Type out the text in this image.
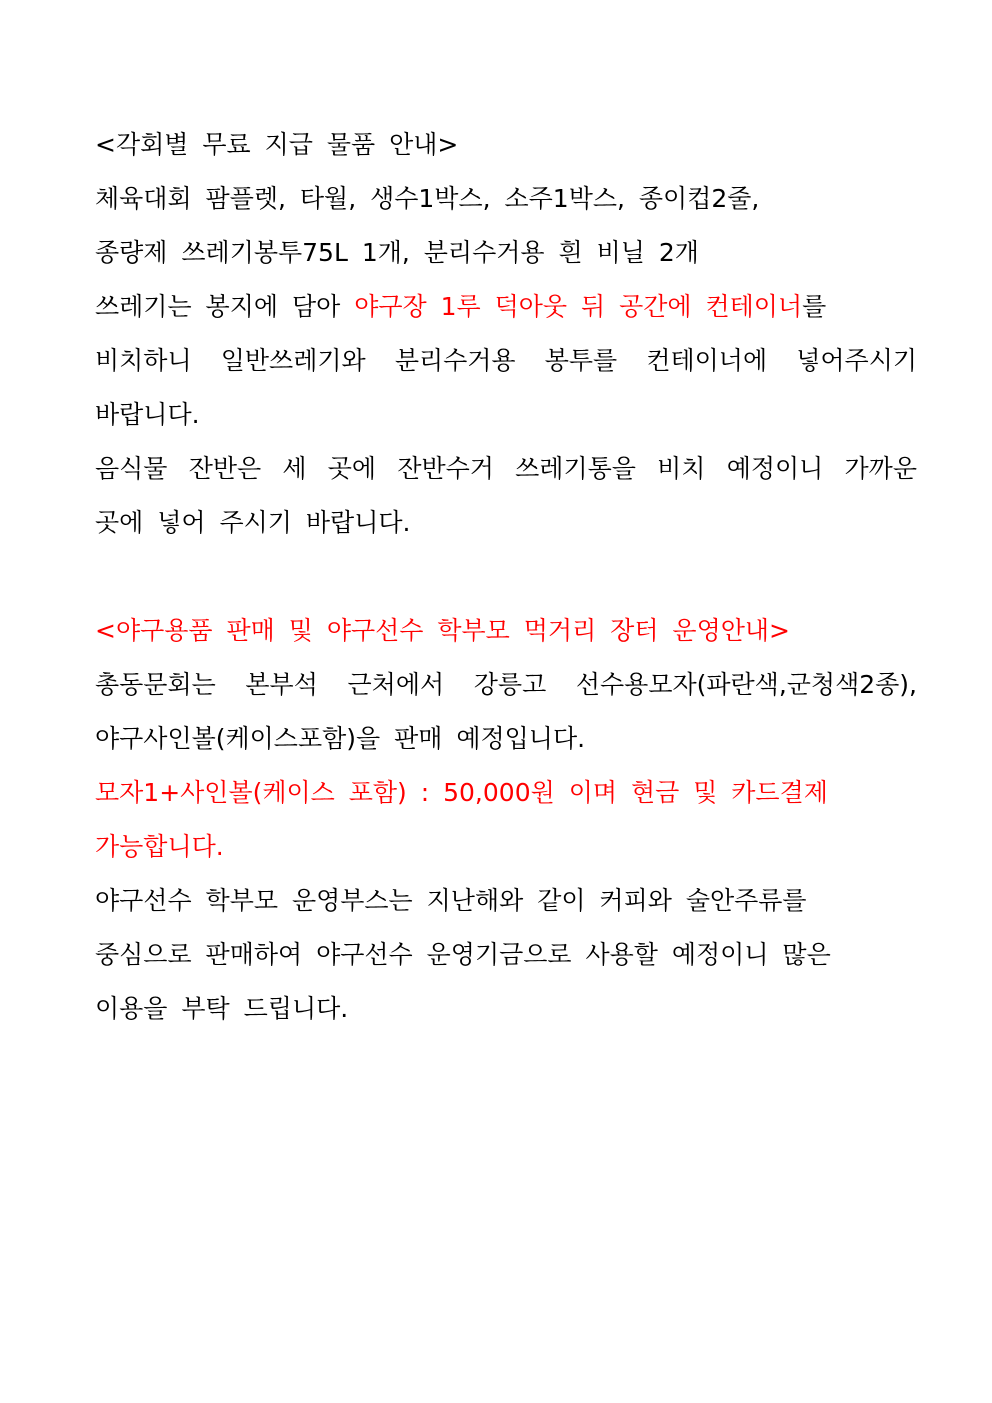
<각회별 무료 지급 물품 안내>
체육대회 팜플렛, 타월, 생수1박스, 소주1박스, 종이컵2줄,
종량제 쓰레기봉투75L 1개, 분리수거용 흰 비닐 2개
쓰레기는 봉지에 담아 야구장 1루 덕아웃 뒤 공간에 컨테이너를
비치하니 일반쓰레기와 분리수거용 봉투를 컨테이너에 넣어주시기
바랍니다.
음식물 잔반은 세 곳에 잔반수거 쓰레기통을 비치 예정이니 가까운
곳에 넣어 주시기 바랍니다.
<야구용품 판매 및 야구선수 학부모 먹거리 장터 운영안내>
총동문회는 본부석 근처에서 강릉고 선수용모자(파란색,군청색2종),
야구사인볼(케이스포함)을 판매 예정입니다.
모자1+사인볼(케이스 포함) : 50,000원 이며 현금 및 카드결제
가능합니다.
야구선수 학부모 운영부스는 지난해와 같이 커피와 술안주류를
중심으로 판매하여 야구선수 운영기금으로 사용할 예정이니 많은
이용을 부탁 드립니다.
